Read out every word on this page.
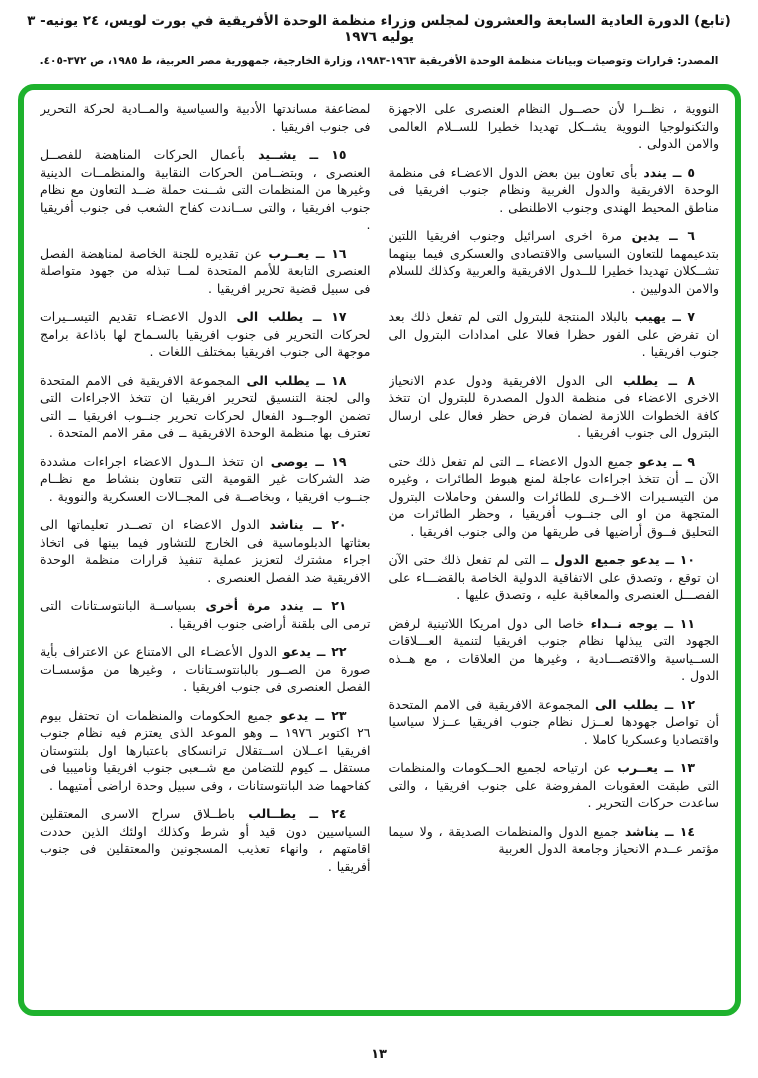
(تابع) الدورة العادية السابعة والعشرون لمجلس وزراء منظمة الوحدة الأفريقية في بورت لويس، ٢٤ يونيه- ٣ يوليه ١٩٧٦
المصدر: قرارات وتوصيات وبيانات منظمة الوحدة الأفريقية ١٩٦٣-١٩٨٣، وزارة الخارجية، جمهورية مصر العربية، ط ١٩٨٥، ص ٣٧٢-٤٠٥.

النووية ، نظــرا لأن حصــول النظام العنصرى على الاجهزة والتكنولوجيا النووية يشــكل تهديدا خطيرا للســلام العالمى والامن الدولى .

٥ ــ يندد بأى تعاون بين بعض الدول الاعضـاء فى منظمة الوحدة الافريقية والدول الغربية ونظام جنوب افريقيا فى مناطق المحيط الهندى وجنوب الاطلنطى .

٦ ــ يدين مرة اخرى اسرائيل وجنوب افريقيا اللتين بتدعيمهما للتعاون السياسى والاقتصادى والعسكرى فيما بينهما تشــكلان تهديدا خطيرا للــدول الافريقية والعربية وكذلك للسلام والامن الدوليين .

٧ ــ يهيب بالبلاد المنتجة للبترول التى لم تفعل ذلك بعد ان تفرض على الفور حظرا فعالا على امدادات البترول الى جنوب افريقيا .

٨ ــ يطلب الى الدول الافريقية ودول عدم الانحياز الاخرى الاعضاء فى منظمة الدول المصدرة للبترول ان تتخذ كافة الخطوات اللازمة لضمان فرض حظر فعال على ارسال البترول الى جنوب افريقيا .

٩ ــ يدعو جميع الدول الاعضاء ــ التى لم تفعل ذلك حتى الآن ــ أن تتخذ اجراءات عاجلة لمنع هبوط الطائرات ، وغيره من التيسـيرات الاخــرى للطائرات والسفن وحاملات البترول المتجهة من او الى جنــوب أفريقيا ، وحظر الطائرات من التحليق فــوق أراضيها فى طريقها من والى جنوب افريقيا .

١٠ ــ يدعو جميع الدول ــ التى لم تفعل ذلك حتى الآن ان توقع ، وتصدق على الاتفاقية الدولية الخاصة بالقضـــاء على الفصـــل العنصرى والمعاقبة عليه ، وتصدق عليها .

١١ ــ يوجه نــداء خاصا الى دول امريكا اللاتينية لرفض الجهود التى يبذلها نظام جنوب افريقيا لتنمية العـــلاقات الســياسية والاقتصـــادية ، وغيرها من العلاقات ، مع هــذه الدول .

١٢ ــ يطلب الى المجموعة الافريقية فى الامم المتحدة أن تواصل جهودها لعــزل نظام جنوب افريقيا عــزلا سياسيا واقتصاديا وعسكريا كاملا .

١٣ ــ يعــرب عن ارتياحه لجميع الحــكومات والمنظمات التى طبقت العقوبات المفروضة على جنوب افريقيا ، والتى ساعدت حركات التحرير .

١٤ ــ يناشد جميع الدول والمنظمات الصديقة ، ولا سيما مؤتمر عــدم الانحياز وجامعة الدول العربية

لمضاعفة مساندتها الأدبية والسياسية والمــادية لحركة التحرير فى جنوب افريقيا .

١٥ ــ يشــيد بأعمال الحركات المناهضة للفصــل العنصرى ، وبتضــامن الحركات النقابية والمنظمــات الدينية وغيرها من المنظمات التى شــنت حملة ضــد التعاون مع نظام جنوب افريقيا ، والتى ســاندت كفاح الشعب فى جنوب أفريقيا .

١٦ ــ يعــرب عن تقديره للجنة الخاصة لمناهضة الفصل العنصرى التابعة للأمم المتحدة لمــا تبذله من جهود متواصلة فى سبيل قضية تحرير افريقيا .

١٧ ــ يطلب الى الدول الاعضـاء تقديم التيســيرات لحركات التحرير فى جنوب افريقيا بالسـماح لها باذاعة برامج موجهة الى جنوب افريقيا بمختلف اللغات .

١٨ ــ يطلب الى المجموعة الافريقية فى الامم المتحدة والى لجنة التنسيق لتحرير افريقيا ان تتخذ الاجراءات التى تضمن الوجــود الفعال لحركات تحرير جنــوب افريقيا ــ التى تعترف بها منظمة الوحدة الافريقية ــ فى مقر الامم المتحدة .

١٩ ــ يوصى ان تتخذ الــدول الاعضاء اجراءات مشددة ضد الشركات غير القومية التى تتعاون بنشاط مع نظــام جنــوب افريقيا ، وبخاصــة فى المجــالات العسكرية والنووية .

٢٠ ــ يناشد الدول الاعضاء ان تصــدر تعليماتها الى بعثاتها الدبلوماسية فى الخارج للتشاور فيما بينها فى اتخاذ اجراء مشترك لتعزيز عملية تنفيذ قرارات منظمة الوحدة الافريقية ضد الفصل العنصرى .

٢١ ــ يندد مرة أخرى بسياســة البانتوسـتانات التى ترمى الى بلقنة أراضى جنوب افريقيا .

٢٢ ــ يدعو الدول الأعضـاء الى الامتناع عن الاعتراف بأية صورة من الصــور بالبانتوسـتانات ، وغيرها من مؤسسـات الفصل العنصرى فى جنوب افريقيا .

٢٣ ــ يدعو جميع الحكومات والمنظمات ان تحتفل بيوم ٢٦ اكتوبر ١٩٧٦ ــ وهو الموعد الذى يعتزم فيه نظام جنوب افريقيا اعــلان اســتقلال ترانسكاى باعتبارها اول بلنتوستان مستقل ــ كيوم للتضامن مع شــعبى جنوب افريقيا وناميبيا فى كفاحهما ضد البانتوستانات ، وفى سبيل وحدة اراضى أمتيهما .

٢٤ ــ يطــالب باطــلاق سراح الاسرى المعتقلين السياسيين دون قيد أو شرط وكذلك اولئك الذين حددت اقامتهم ، وانهاء تعذيب المسجونين والمعتقلين فى جنوب أفريقيا .

١٣
